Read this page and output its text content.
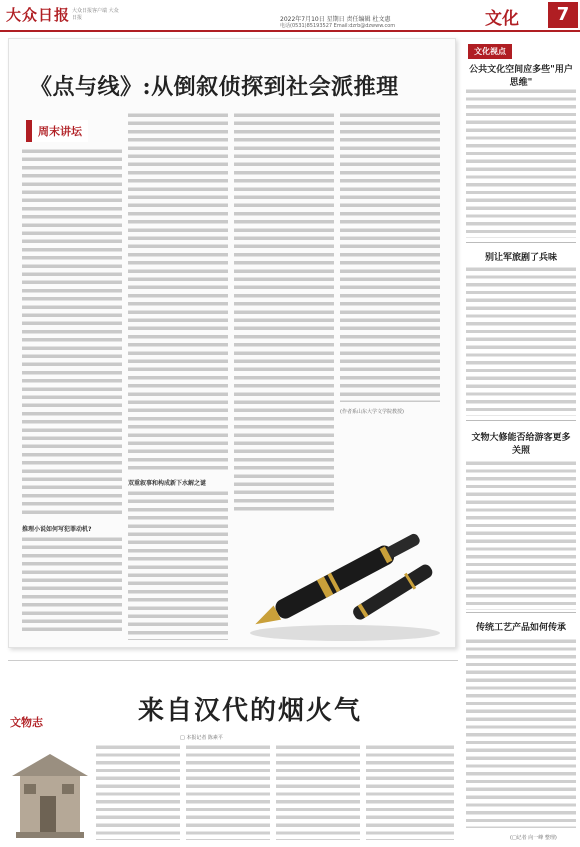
大众日报 大众日报客户端 大众日报	2022年7月10日 星期日 责任编辑 杜文惠
电话(0531)85193527 Email:dzrb@dzwww.com	文化	7
《点与线》:从倒叙侦探到社会派推理
周末讲坛
推理小说如何写犯罪动机?
双重叙事和构成新下水解之谜
(作者系山东大学文学院教授)
文化视点
公共文化空间应多些"用户思维"
别让军旅剧了兵味
文物大修能否给游客更多关照
传统工艺产品如何传承
(□记者 向一峰 整理)
来自汉代的烟火气
□ 本报记者 陈素平
文物志
